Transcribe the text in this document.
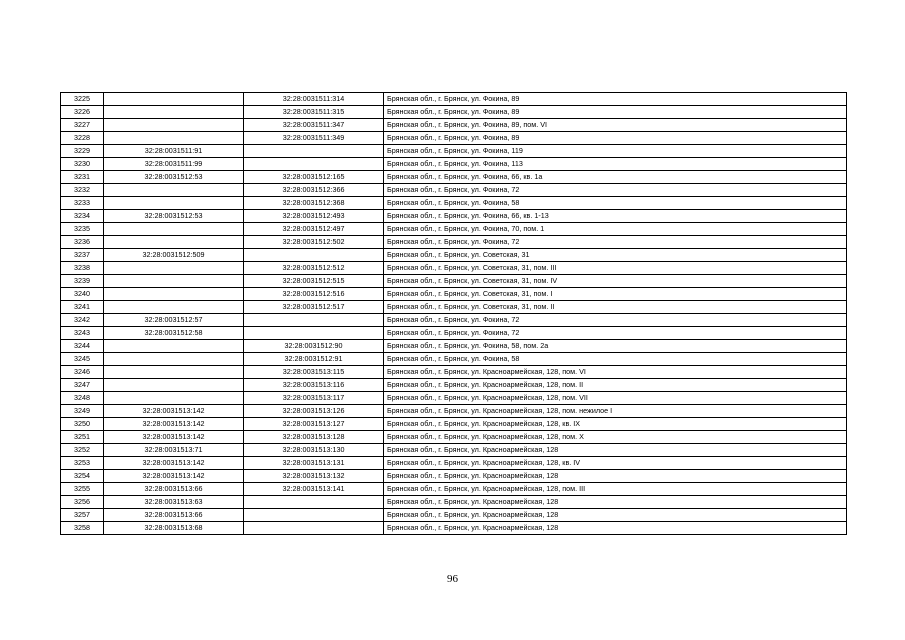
3225		32:28:0031511:314	Брянская обл., г. Брянск, ул. Фокина, 89
3226		32:28:0031511:315	Брянская обл., г. Брянск, ул. Фокина, 89
3227		32:28:0031511:347	Брянская обл., г. Брянск, ул. Фокина, 89, пом. VI
3228		32:28:0031511:349	Брянская обл., г. Брянск, ул. Фокина, 89
3229	32:28:0031511:91		Брянская обл., г. Брянск, ул. Фокина, 119
3230	32:28:0031511:99		Брянская обл., г. Брянск, ул. Фокина, 113
3231	32:28:0031512:53	32:28:0031512:165	Брянская обл., г. Брянск, ул. Фокина, 66, кв. 1а
3232		32:28:0031512:366	Брянская обл., г. Брянск, ул. Фокина, 72
3233		32:28:0031512:368	Брянская обл., г. Брянск, ул. Фокина, 58
3234	32:28:0031512:53	32:28:0031512:493	Брянская обл., г. Брянск, ул. Фокина, 66, кв. 1-13
3235		32:28:0031512:497	Брянская обл., г. Брянск, ул. Фокина, 70, пом. 1
3236		32:28:0031512:502	Брянская обл., г. Брянск, ул. Фокина, 72
3237	32:28:0031512:509		Брянская обл., г. Брянск, ул. Советская, 31
3238		32:28:0031512:512	Брянская обл., г. Брянск, ул. Советская, 31, пом. III
3239		32:28:0031512:515	Брянская обл., г. Брянск, ул. Советская, 31, пом. IV
3240		32:28:0031512:516	Брянская обл., г. Брянск, ул. Советская, 31, пом. I
3241		32:28:0031512:517	Брянская обл., г. Брянск, ул. Советская, 31, пом. II
3242	32:28:0031512:57		Брянская обл., г. Брянск, ул. Фокина, 72
3243	32:28:0031512:58		Брянская обл., г. Брянск, ул. Фокина, 72
3244		32:28:0031512:90	Брянская обл., г. Брянск, ул. Фокина, 58, пом. 2а
3245		32:28:0031512:91	Брянская обл., г. Брянск, ул. Фокина, 58
3246		32:28:0031513:115	Брянская обл., г. Брянск, ул. Красноармейская, 128, пом. VI
3247		32:28:0031513:116	Брянская обл., г. Брянск, ул. Красноармейская, 128, пом. II
3248		32:28:0031513:117	Брянская обл., г. Брянск, ул. Красноармейская, 128, пом. VII
3249	32:28:0031513:142	32:28:0031513:126	Брянская обл., г. Брянск, ул. Красноармейская, 128, пом. нежилое I
3250	32:28:0031513:142	32:28:0031513:127	Брянская обл., г. Брянск, ул. Красноармейская, 128, кв. IX
3251	32:28:0031513:142	32:28:0031513:128	Брянская обл., г. Брянск, ул. Красноармейская, 128, пом. X
3252	32:28:0031513:71	32:28:0031513:130	Брянская обл., г. Брянск, ул. Красноармейская, 128
3253	32:28:0031513:142	32:28:0031513:131	Брянская обл., г. Брянск, ул. Красноармейская, 128, кв. IV
3254	32:28:0031513:142	32:28:0031513:132	Брянская обл., г. Брянск, ул. Красноармейская, 128
3255	32:28:0031513:66	32:28:0031513:141	Брянская обл., г. Брянск, ул. Красноармейская, 128, пом. III
3256	32:28:0031513:63		Брянская обл., г. Брянск, ул. Красноармейская, 128
3257	32:28:0031513:66		Брянская обл., г. Брянск, ул. Красноармейская, 128
3258	32:28:0031513:68		Брянская обл., г. Брянск, ул. Красноармейская, 128
96
